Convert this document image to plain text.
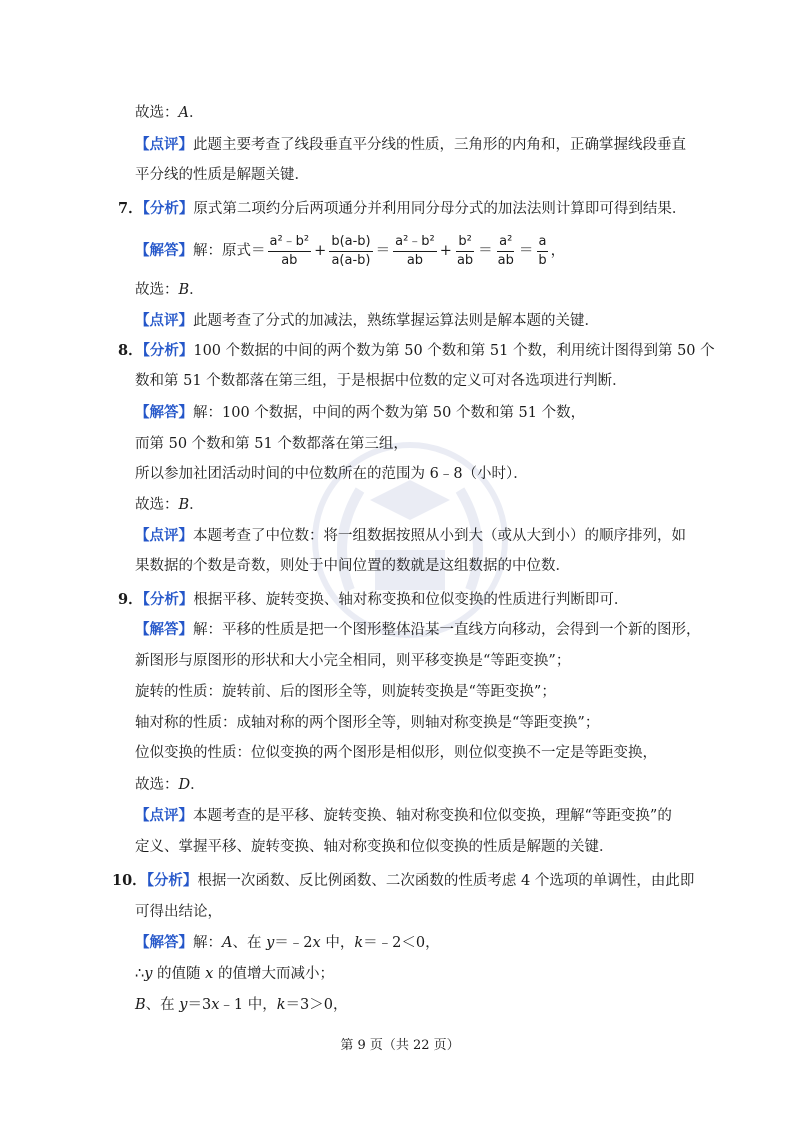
故选：A．
【点评】此题主要考查了线段垂直平分线的性质，三角形的内角和，正确掌握线段垂直
平分线的性质是解题关键．
7．【分析】原式第二项约分后两项通分并利用同分母分式的加法法则计算即可得到结果．
【解答】解：原式＝ $\frac{\text{a²﹣b²}}{ab} + \frac{b(a-b)}{a(a-b)} = \frac{\text{a²﹣b²}}{ab} + \frac{\text{b²}}{ab} = \frac{\text{a²}}{ab} = \frac{a}{b}$ ，
故选：B．
【点评】此题考查了分式的加减法，熟练掌握运算法则是解本题的关键．
8．【分析】100 个数据的中间的两个数为第 50 个数和第 51 个数，利用统计图得到第 50 个
数和第 51 个数都落在第三组，于是根据中位数的定义可对各选项进行判断．
【解答】解：100 个数据，中间的两个数为第 50 个数和第 51 个数，
而第 50 个数和第 51 个数都落在第三组，
所以参加社团活动时间的中位数所在的范围为 6﹣8（小时）．
故选：B．
【点评】本题考查了中位数：将一组数据按照从小到大（或从大到小）的顺序排列，如
果数据的个数是奇数，则处于中间位置的数就是这组数据的中位数．
9．【分析】根据平移、旋转变换、轴对称变换和位似变换的性质进行判断即可．
【解答】解：平移的性质是把一个图形整体沿某一直线方向移动，会得到一个新的图形，
新图形与原图形的形状和大小完全相同，则平移变换是“等距变换”；
旋转的性质：旋转前、后的图形全等，则旋转变换是“等距变换”；
轴对称的性质：成轴对称的两个图形全等，则轴对称变换是“等距变换”；
位似变换的性质：位似变换的两个图形是相似形，则位似变换不一定是等距变换，
故选：D．
【点评】本题考查的是平移、旋转变换、轴对称变换和位似变换，理解“等距变换”的
定义、掌握平移、旋转变换、轴对称变换和位似变换的性质是解题的关键．
10．【分析】根据一次函数、反比例函数、二次函数的性质考虑 4 个选项的单调性，由此即
可得出结论，
【解答】解：A、在 y＝﹣2x 中，k＝﹣2＜0，
∴y 的值随 x 的值增大而减小；
B、在 y＝3x﹣1 中，k＝3＞0，
第 9 页（共 22 页）
